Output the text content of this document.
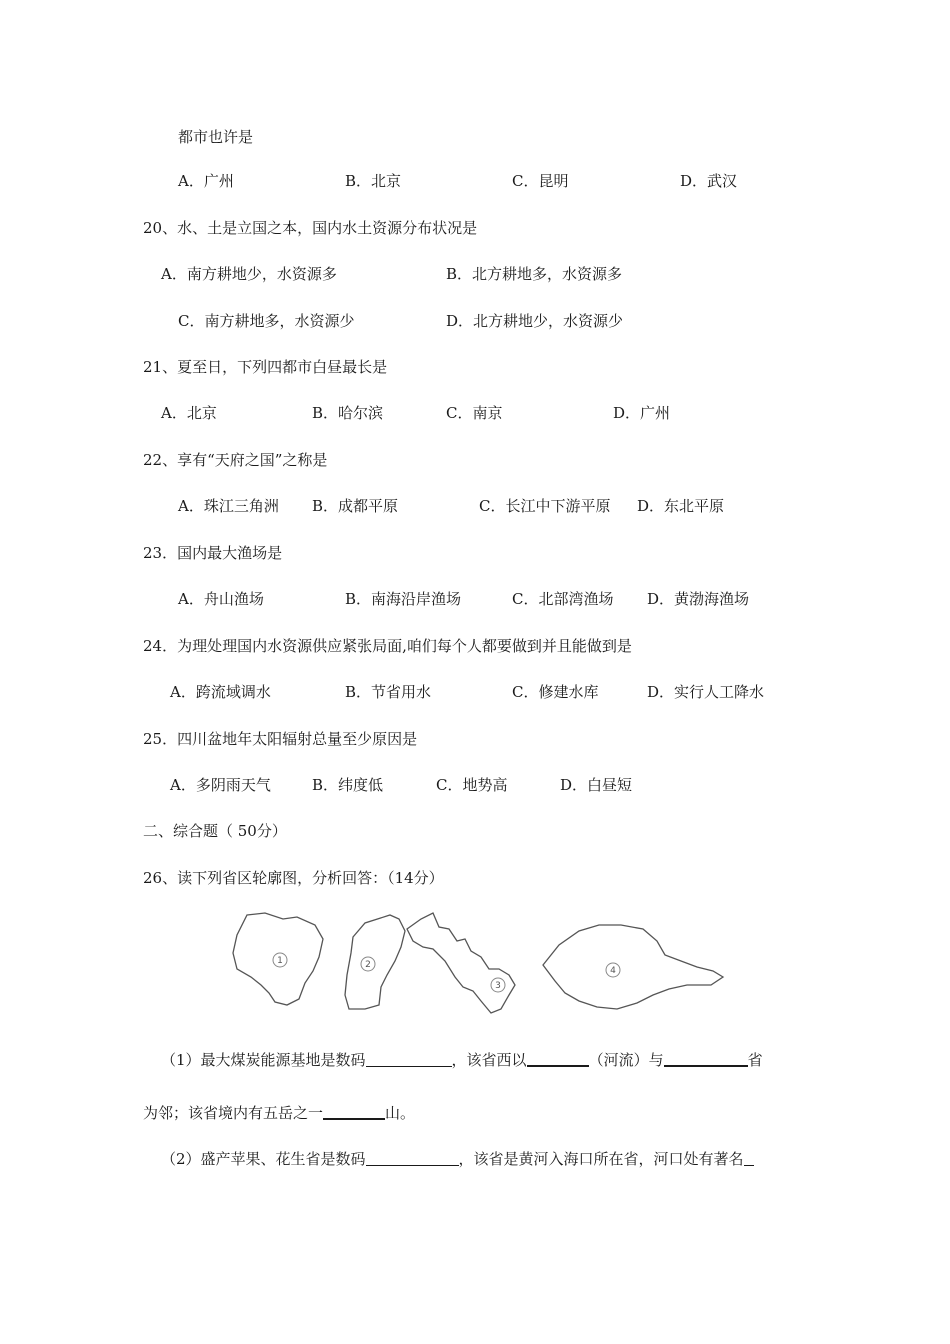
都市也许是
A．广州	B．北京	C．昆明	D．武汉
20、水、土是立国之本，国内水土资源分布状况是
A．南方耕地少，水资源多	B．北方耕地多，水资源多
C．南方耕地多，水资源少	D．北方耕地少，水资源少
21、夏至日，下列四都市白昼最长是
A．北京	B．哈尔滨	C．南京	D．广州
22、享有“天府之国”之称是
A．珠江三角洲 B．成都平原	C．长江中下游平原 D．东北平原
23．国内最大渔场是
A．舟山渔场	B．南海沿岸渔场	C．北部湾渔场 D．黄渤海渔场
24．为理处理国内水资源供应紧张局面,咱们每个人都要做到并且能做到是
A．跨流域调水	B．节省用水	C．修建水库	D．实行人工降水
25．四川盆地年太阳辐射总量至少原因是
A．多阴雨天气	B．纬度低	C．地势高	D．白昼短
二、综合题（ 50分）
26、读下列省区轮廓图，分析回答：（14分）
1	2
3
4
（1）最大煤炭能源基地是数码	，该省西以	（河流）与	省
为邻；该省境内有五岳之一	山。
（2）盛产苹果、花生省是数码	，该省是黄河入海口所在省，河口处有著名
